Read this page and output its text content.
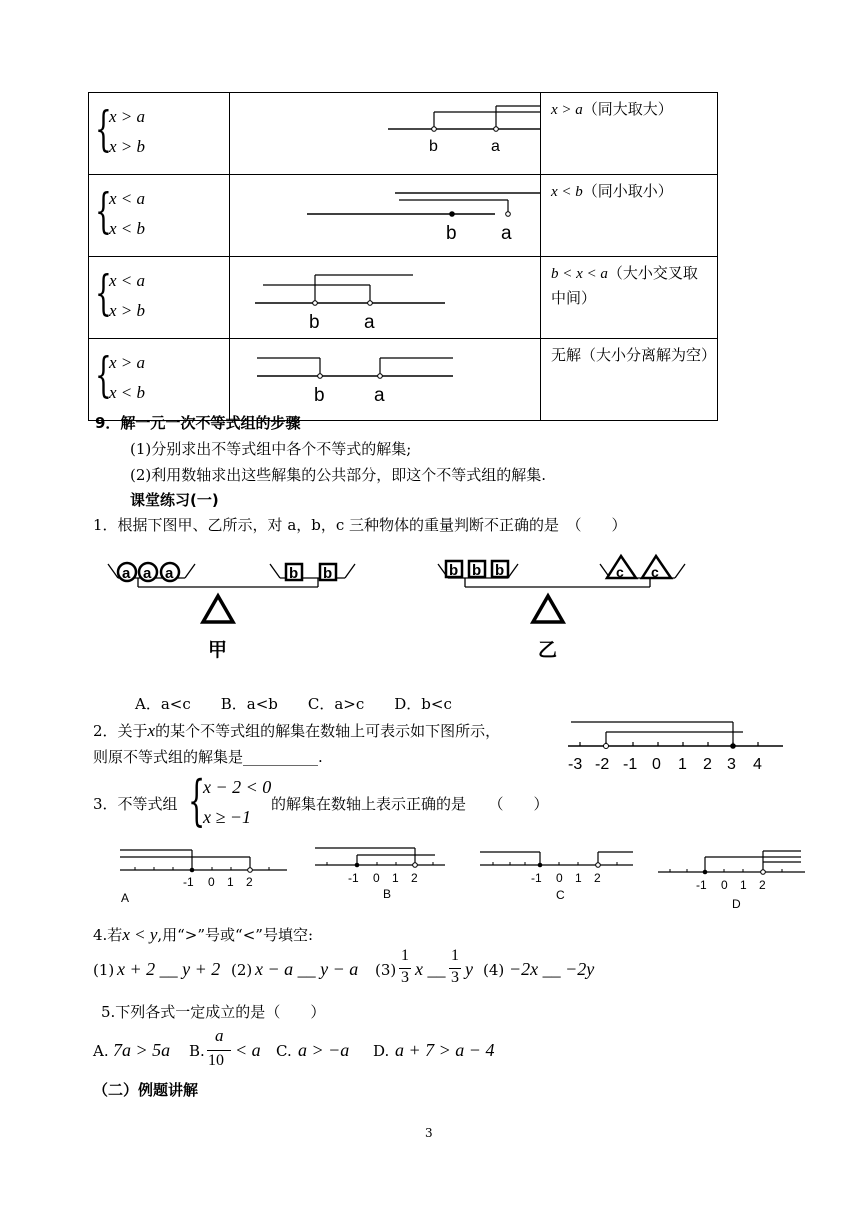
{
x > a
x > b	b a	x > a（同大取大）

{
x < a
x < b	b a	x < b（同小取小）

{
x < a
x > b	b a	b < x < a（大小交叉取中间）

{
x > a
x < b	b a	无解（大小分离解为空）
9．解一元一次不等式组的步骤
(1)分别求出不等式组中各个不等式的解集;
(2)利用数轴求出这些解集的公共部分，即这个不等式组的解集.
课堂练习(一)
1．根据下图甲、乙所示，对 a，b，c 三种物体的重量判断不正确的是　（　　）
a a a	b b
甲
b b b	c c
乙
A．a<c　　B．a<b　　C．a>c　　D．b<c
2．关于x的某个不等式组的解集在数轴上可表示如下图所示，
则原不等式组的解集是__________.	-3 -2 -1 0 1 2 3 4
3．不等式组 {
x − 2 < 0
x ≥ −1
的解集在数轴上表示正确的是　　（　　）
-1 0 1 2
A
-1 0 1 2
B
-1 0 1 2
C
-1 0 1 2
D
4.若x < y,用“>”号或“<”号填空:
(1) x + 2 __ y + 2 (2) x − a __ y − a (3)
1
3 x __
1
3 y (4) −2x __ −2y
5.下列各式一定成立的是（　　）
A. 7a > 5a B.
a
10
< a C. a > −a D. a + 7 > a − 4
（二）例题讲解
3
